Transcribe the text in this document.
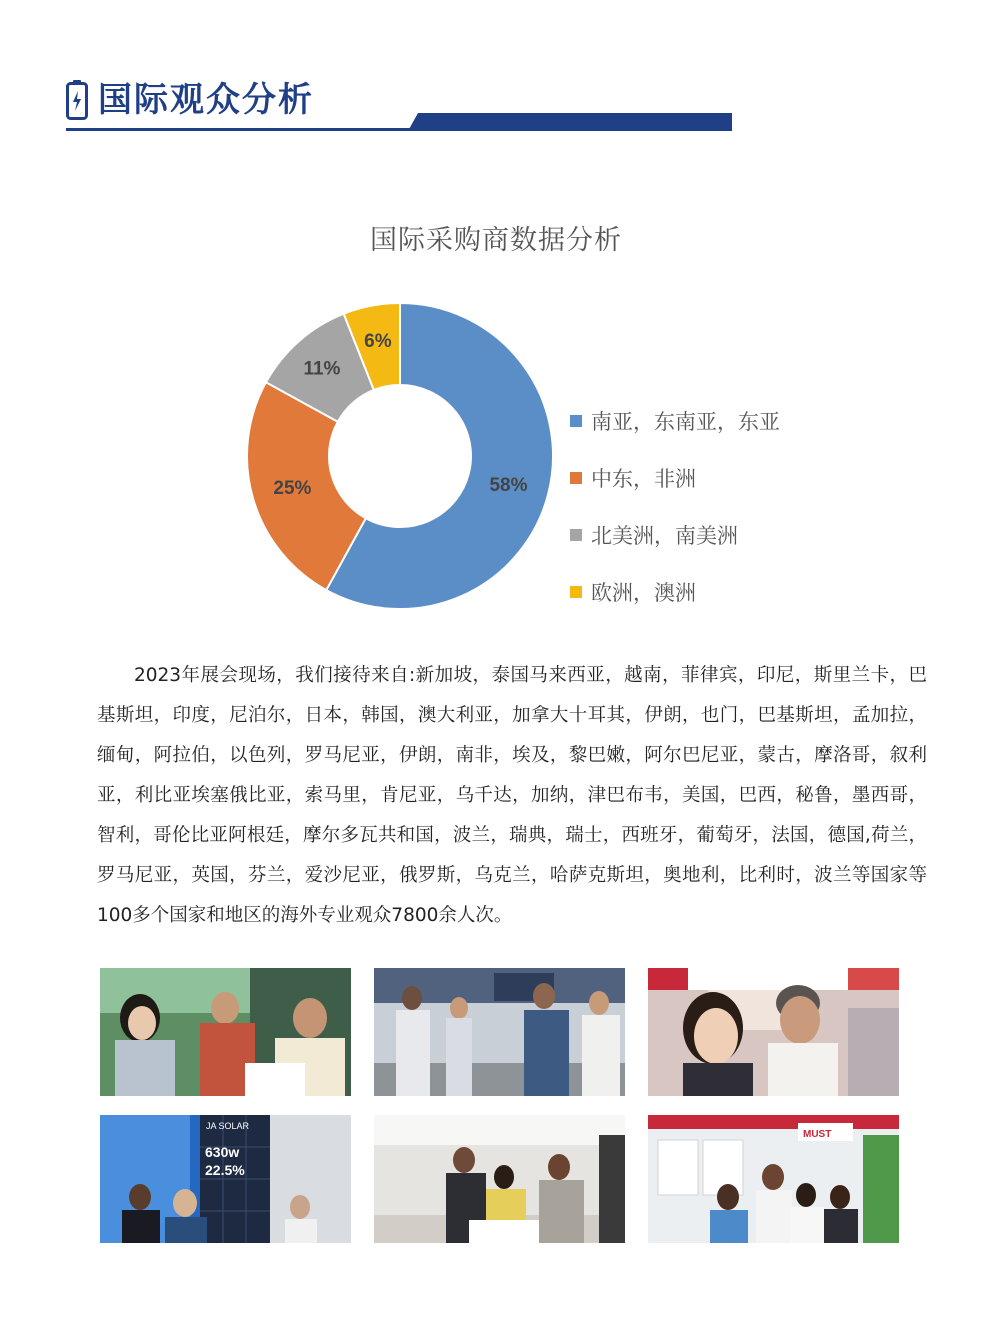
国际观众分析
国际采购商数据分析
58%
25%
11%
6%
南亚，东南亚，东亚
中东，非洲
北美洲，南美洲
欧洲，澳洲
2023年展会现场，我们接待来自:新加坡，泰国马来西亚，越南，菲律宾，印尼，斯里兰卡，巴基斯坦，印度，尼泊尔，日本，韩国，澳大利亚，加拿大十耳其，伊朗，也门，巴基斯坦，孟加拉，缅甸，阿拉伯，以色列，罗马尼亚，伊朗，南非，埃及，黎巴嫩，阿尔巴尼亚，蒙古，摩洛哥，叙利亚，利比亚埃塞俄比亚，索马里，肯尼亚，乌千达，加纳，津巴布韦，美国，巴西，秘鲁，墨西哥，智利，哥伦比亚阿根廷，摩尔多瓦共和国，波兰，瑞典，瑞士，西班牙，葡萄牙，法国，德国,荷兰，罗马尼亚，英国，芬兰，爱沙尼亚，俄罗斯，乌克兰，哈萨克斯坦，奥地利，比利时，波兰等国家等100多个国家和地区的海外专业观众7800余人次。
JA SOLAR
630w
22.5%
MUST
